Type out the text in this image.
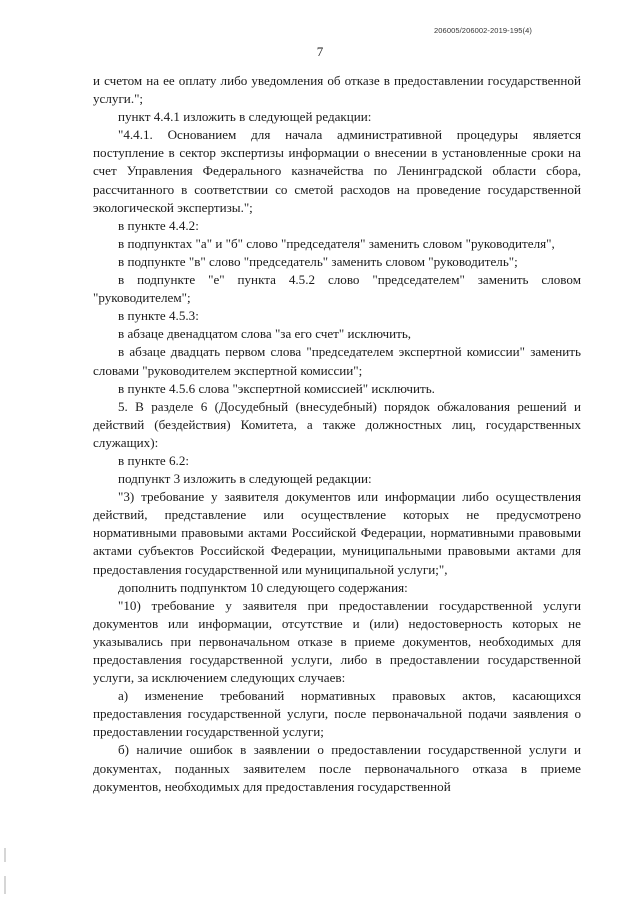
206005/206002-2019-195(4)
7

и счетом на ее оплату либо уведомления об отказе в предоставлении государственной услуги.";

пункт 4.4.1 изложить в следующей редакции:

"4.4.1. Основанием для начала административной процедуры является поступление в сектор экспертизы информации о внесении в установленные сроки на счет Управления Федерального казначейства по Ленинградской области сбора, рассчитанного в соответствии со сметой расходов на проведение государственной экологической экспертизы.";

в пункте 4.4.2:

в подпунктах "а" и "б" слово "председателя" заменить словом "руководителя",

в подпункте "в" слово "председатель" заменить словом "руководитель";

в подпункте "е" пункта 4.5.2 слово "председателем" заменить словом "руководителем";

в пункте 4.5.3:

в абзаце двенадцатом слова "за его счет" исключить,

в абзаце двадцать первом слова "председателем экспертной комиссии" заменить словами "руководителем экспертной комиссии";

в пункте 4.5.6 слова "экспертной комиссией" исключить.

5. В разделе 6 (Досудебный (внесудебный) порядок обжалования решений и действий (бездействия) Комитета, а также должностных лиц, государственных служащих):

в пункте 6.2:

подпункт 3 изложить в следующей редакции:

"3) требование у заявителя документов или информации либо осуществления действий, представление или осуществление которых не предусмотрено нормативными правовыми актами Российской Федерации, нормативными правовыми актами субъектов Российской Федерации, муниципальными правовыми актами для предоставления государственной или муниципальной услуги;",

дополнить подпунктом 10 следующего содержания:

"10) требование у заявителя при предоставлении государственной услуги документов или информации, отсутствие и (или) недостоверность которых не указывались при первоначальном отказе в приеме документов, необходимых для предоставления государственной услуги, либо в предоставлении государственной услуги, за исключением следующих случаев:

а) изменение требований нормативных правовых актов, касающихся предоставления государственной услуги, после первоначальной подачи заявления о предоставлении государственной услуги;

б) наличие ошибок в заявлении о предоставлении государственной услуги и документах, поданных заявителем после первоначального отказа в приеме документов, необходимых для предоставления государственной
